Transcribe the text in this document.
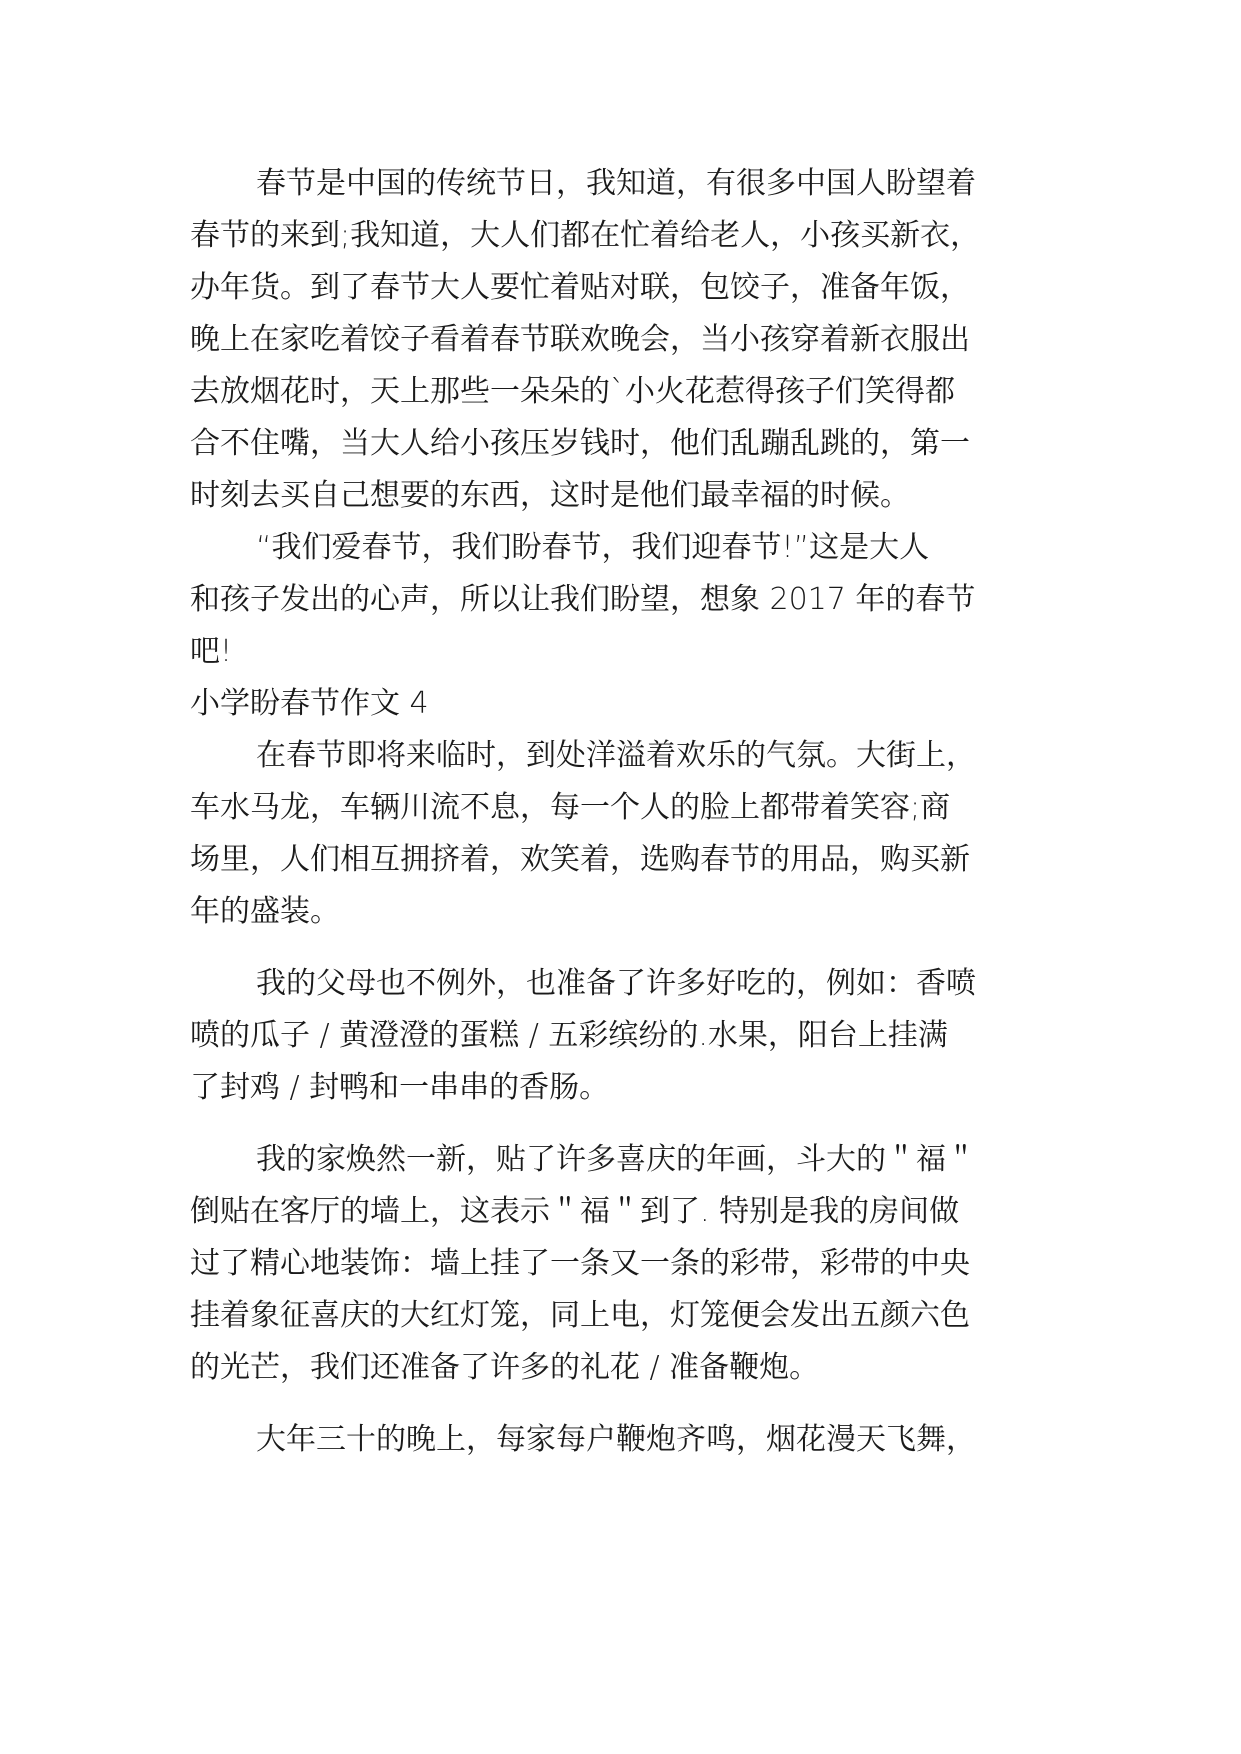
春节是中国的传统节日，我知道，有很多中国人盼望着
春节的来到;我知道，大人们都在忙着给老人，小孩买新衣，
办年货。到了春节大人要忙着贴对联，包饺子，准备年饭，
晚上在家吃着饺子看着春节联欢晚会，当小孩穿着新衣服出
去放烟花时，天上那些一朵朵的`小火花惹得孩子们笑得都
合不住嘴，当大人给小孩压岁钱时，他们乱蹦乱跳的，第一
时刻去买自己想要的东西，这时是他们最幸福的时候。
“我们爱春节，我们盼春节，我们迎春节!”这是大人
和孩子发出的心声，所以让我们盼望，想象 2017 年的春节
吧!
小学盼春节作文 4
在春节即将来临时，到处洋溢着欢乐的气氛。大街上，
车水马龙，车辆川流不息，每一个人的脸上都带着笑容;商
场里，人们相互拥挤着，欢笑着，选购春节的用品，购买新
年的盛装。
我的父母也不例外，也准备了许多好吃的，例如：香喷
喷的瓜子 / 黄澄澄的蛋糕 / 五彩缤纷的.水果，阳台上挂满
了封鸡 / 封鸭和一串串的香肠。
我的家焕然一新，贴了许多喜庆的年画，斗大的＂福＂
倒贴在客厅的墙上，这表示＂福＂到了. 特别是我的房间做
过了精心地装饰：墙上挂了一条又一条的彩带，彩带的中央
挂着象征喜庆的大红灯笼，同上电，灯笼便会发出五颜六色
的光芒，我们还准备了许多的礼花 / 准备鞭炮。
大年三十的晚上，每家每户鞭炮齐鸣，烟花漫天飞舞，
